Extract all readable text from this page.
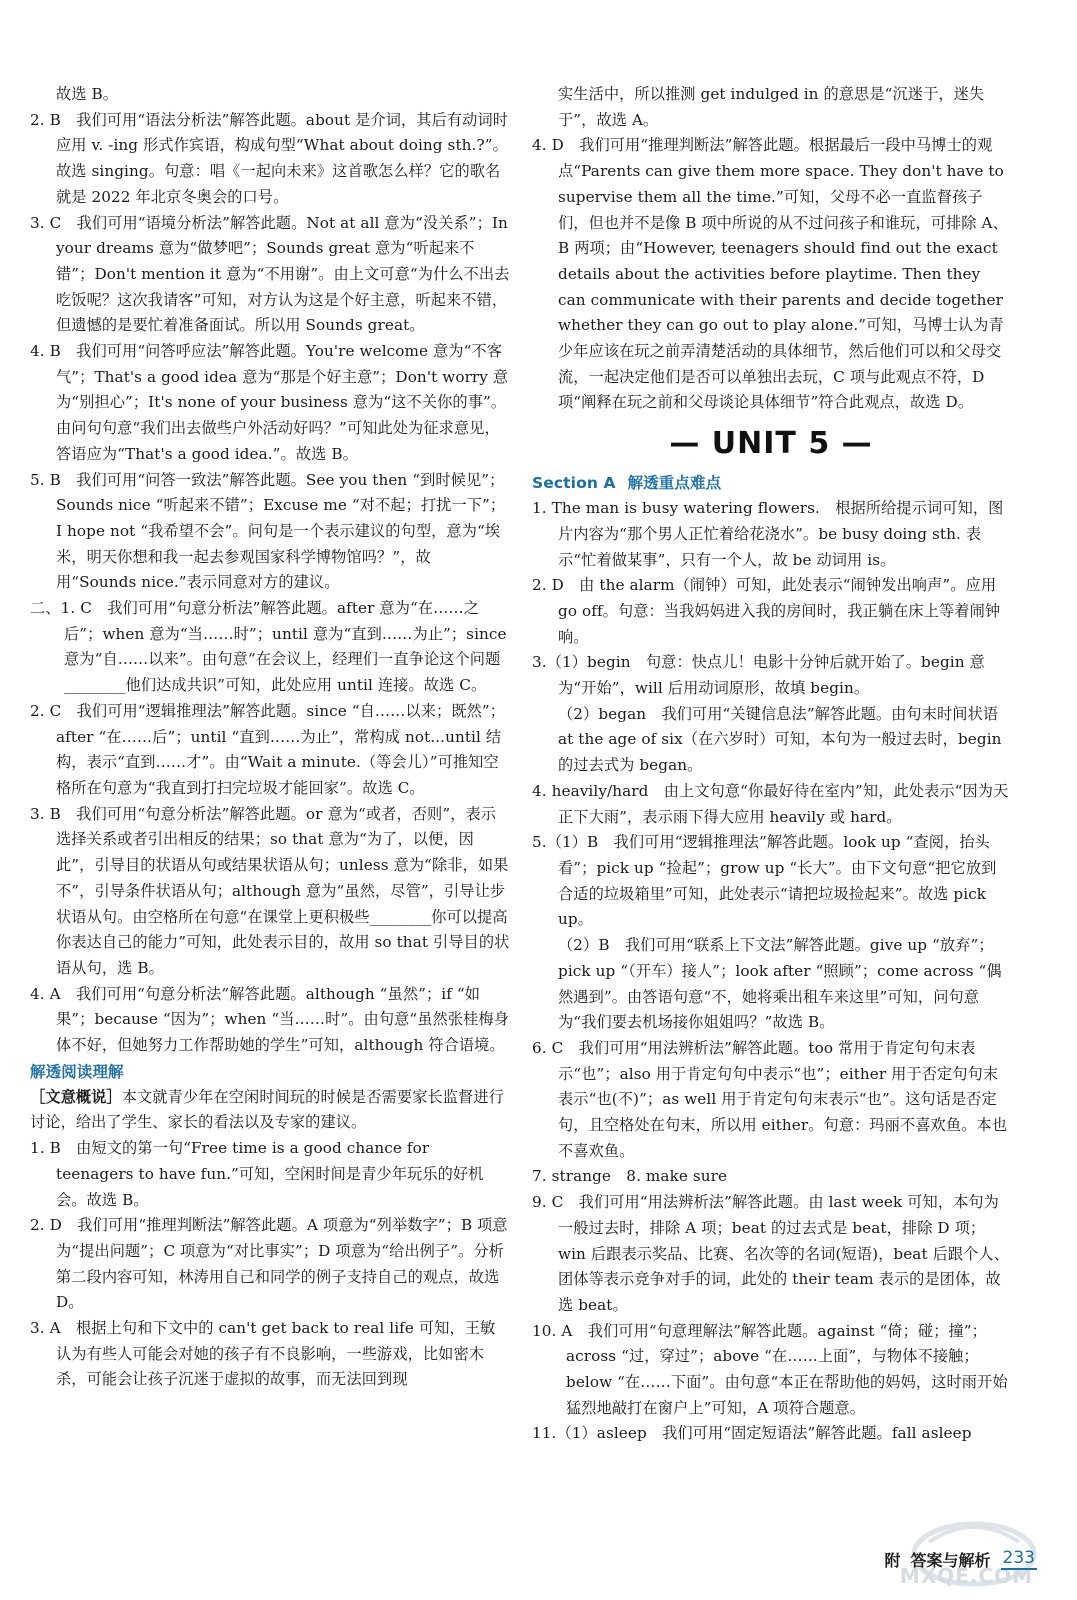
故选 B。

2. B　我们可用“语法分析法”解答此题。about 是介词，其后有动词时应用 v. -ing 形式作宾语，构成句型“What about doing sth.?”。故选 singing。句意：唱《一起向未来》这首歌怎么样？它的歌名就是 2022 年北京冬奥会的口号。

3. C　我们可用“语境分析法”解答此题。Not at all 意为“没关系”；In your dreams 意为“做梦吧”；Sounds great 意为“听起来不错”；Don't mention it 意为“不用谢”。由上文可意“为什么不出去吃饭呢？这次我请客”可知，对方认为这是个好主意，听起来不错，但遗憾的是要忙着准备面试。所以用 Sounds great。

4. B　我们可用“问答呼应法”解答此题。You're welcome 意为“不客气”；That's a good idea 意为“那是个好主意”；Don't worry 意为“别担心”；It's none of your business 意为“这不关你的事”。由问句句意“我们出去做些户外活动好吗？”可知此处为征求意见，答语应为“That's a good idea.”。故选 B。

5. B　我们可用“问答一致法”解答此题。See you then “到时候见”；Sounds nice “听起来不错”；Excuse me “对不起；打扰一下”；I hope not “我希望不会”。问句是一个表示建议的句型，意为“埃米，明天你想和我一起去参观国家科学博物馆吗？”，故用“Sounds nice.”表示同意对方的建议。

二、1. C　我们可用“句意分析法”解答此题。after 意为“在……之后”；when 意为“当……时”；until 意为“直到……为止”；since 意为“自……以来”。由句意“在会议上，经理们一直争论这个问题________他们达成共识”可知，此处应用 until 连接。故选 C。

2. C　我们可用“逻辑推理法”解答此题。since “自……以来；既然”；after “在……后”；until “直到……为止”，常构成 not...until 结构，表示“直到……才”。由“Wait a minute.（等会儿）”可推知空格所在句意为“我直到打扫完垃圾才能回家”。故选 C。

3. B　我们可用“句意分析法”解答此题。or 意为“或者，否则”，表示选择关系或者引出相反的结果；so that 意为“为了，以便，因此”，引导目的状语从句或结果状语从句；unless 意为“除非，如果不”，引导条件状语从句；although 意为“虽然，尽管”，引导让步状语从句。由空格所在句意“在课堂上更积极些________你可以提高你表达自己的能力”可知，此处表示目的，故用 so that 引导目的状语从句，选 B。

4. A　我们可用“句意分析法”解答此题。although “虽然”；if “如果”；because “因为”；when “当……时”。由句意“虽然张桂梅身体不好，但她努力工作帮助她的学生”可知，although 符合语境。

解透阅读理解

［文意概说］本文就青少年在空闲时间玩的时候是否需要家长监督进行讨论，给出了学生、家长的看法以及专家的建议。

1. B　由短文的第一句“Free time is a good chance for teenagers to have fun.”可知，空闲时间是青少年玩乐的好机会。故选 B。

2. D　我们可用“推理判断法”解答此题。A 项意为“列举数字”；B 项意为“提出问题”；C 项意为“对比事实”；D 项意为“给出例子”。分析第二段内容可知，林涛用自己和同学的例子支持自己的观点，故选 D。

3. A　根据上句和下文中的 can't get back to real life 可知，王敏认为有些人可能会对她的孩子有不良影响，一些游戏，比如密木杀，可能会让孩子沉迷于虚拟的故事，而无法回到现

实生活中，所以推测 get indulged in 的意思是“沉迷于，迷失于”，故选 A。

4. D　我们可用“推理判断法”解答此题。根据最后一段中马博士的观点“Parents can give them more space. They don't have to supervise them all the time.”可知，父母不必一直监督孩子们，但也并不是像 B 项中所说的从不过问孩子和谁玩，可排除 A、B 两项；由“However, teenagers should find out the exact details about the activities before playtime. Then they can communicate with their parents and decide together whether they can go out to play alone.”可知，马博士认为青少年应该在玩之前弄清楚活动的具体细节，然后他们可以和父母交流，一起决定他们是否可以单独出去玩，C 项与此观点不符，D 项“阐释在玩之前和父母谈论具体细节”符合此观点，故选 D。

— UNIT 5 —
Section A 解透重点难点

1. The man is busy watering flowers.　根据所给提示词可知，图片内容为“那个男人正忙着给花浇水”。be busy doing sth. 表示“忙着做某事”，只有一个人，故 be 动词用 is。

2. D　由 the alarm（闹钟）可知，此处表示“闹钟发出响声”。应用 go off。句意：当我妈妈进入我的房间时，我正躺在床上等着闹钟响。

3.（1）begin　句意：快点儿！电影十分钟后就开始了。begin 意为“开始”，will 后用动词原形，故填 begin。

（2）began　我们可用“关键信息法”解答此题。由句末时间状语 at the age of six（在六岁时）可知，本句为一般过去时，begin 的过去式为 began。

4. heavily/hard　由上文句意“你最好待在室内”知，此处表示“因为天正下大雨”，表示雨下得大应用 heavily 或 hard。

5.（1）B　我们可用“逻辑推理法”解答此题。look up “查阅，抬头看”；pick up “捡起”；grow up “长大”。由下文句意“把它放到合适的垃圾箱里”可知，此处表示“请把垃圾捡起来”。故选 pick up。

（2）B　我们可用“联系上下文法”解答此题。give up “放弃”；pick up “（开车）接人”；look after “照顾”；come across “偶然遇到”。由答语句意“不，她将乘出租车来这里”可知，问句意为“我们要去机场接你姐姐吗？”故选 B。

6. C　我们可用“用法辨析法”解答此题。too 常用于肯定句句末表示“也”；also 用于肯定句句中表示“也”；either 用于否定句句末表示“也(不)”；as well 用于肯定句句末表示“也”。这句话是否定句，且空格处在句末，所以用 either。句意：玛丽不喜欢鱼。本也不喜欢鱼。

7. strange　8. make sure

9. C　我们可用“用法辨析法”解答此题。由 last week 可知，本句为一般过去时，排除 A 项；beat 的过去式是 beat，排除 D 项；win 后跟表示奖品、比赛、名次等的名词(短语)，beat 后跟个人、团体等表示竞争对手的词，此处的 their team 表示的是团体，故选 beat。

10. A　我们可用“句意理解法”解答此题。against “倚；碰；撞”；across “过，穿过”；above “在……上面”，与物体不接触；below “在……下面”。由句意“本正在帮助他的妈妈，这时雨开始猛烈地敲打在窗户上”可知，A 项符合题意。

11.（1）asleep　我们可用“固定短语法”解答此题。fall asleep

MXQE.COM
附 答案与解析 233
